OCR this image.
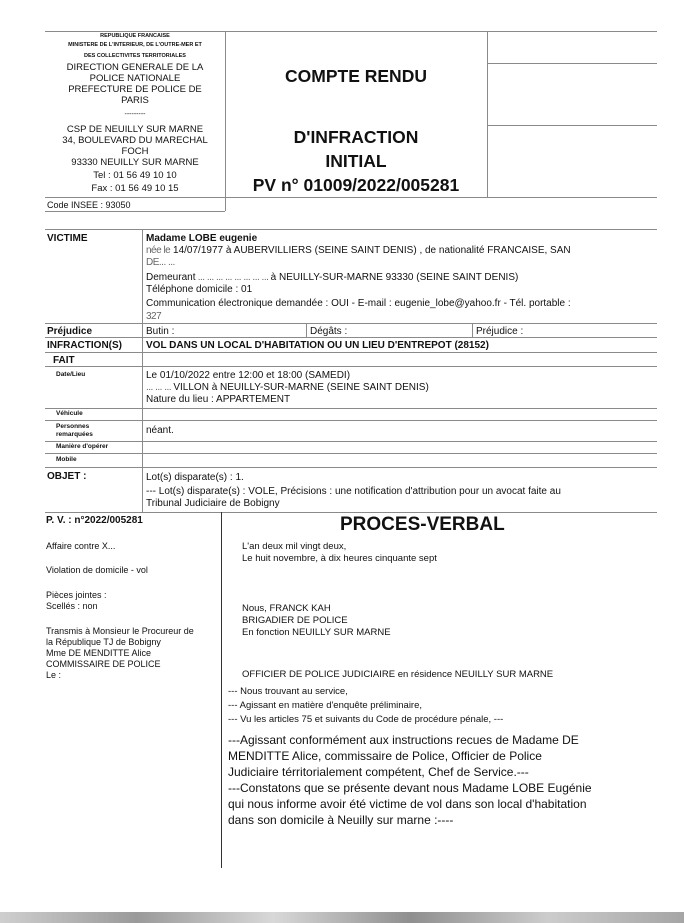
REPUBLIQUE FRANCAISE
MINISTERE DE L'INTERIEUR, DE L'OUTRE-MER ET
DES COLLECTIVITES TERRITORIALES
DIRECTION GENERALE DE LA
POLICE NATIONALE
PREFECTURE DE POLICE DE
PARIS
---------
CSP DE NEUILLY SUR MARNE
34, BOULEVARD DU MARECHAL
FOCH
93330 NEUILLY SUR MARNE
Tel : 01 56 49 10 10
Fax : 01 56 49 10 15
Code INSEE : 93050
COMPTE RENDU
D'INFRACTION
INITIAL
PV n° 01009/2022/005281
VICTIME	Madame LOBE eugenie
née le 14/07/1977 à AUBERVILLIERS (SEINE SAINT DENIS) , de nationalité FRANCAISE, SAN
DE... ...
Demeurant ... ... ... ... ... ... ... ... à NEUILLY-SUR-MARNE 93330 (SEINE SAINT DENIS)
Téléphone domicile : 01
Communication électronique demandée : OUI - E-mail : eugenie_lobe@yahoo.fr - Tél. portable :
327
Préjudice	Butin :	Dégâts :	Préjudice :
INFRACTION(S) VOL DANS UN LOCAL D'HABITATION OU UN LIEU D'ENTREPOT (28152)
FAIT
Date/Lieu	Le 01/10/2022 entre 12:00 et 18:00 (SAMEDI)
... ... ... VILLON à NEUILLY-SUR-MARNE (SEINE SAINT DENIS)
Nature du lieu : APPARTEMENT
Véhicule
Personnes
remarquées	néant.
Manière d'opérer
Mobile
OBJET :	Lot(s) disparate(s) : 1.
--- Lot(s) disparate(s) : VOLE, Précisions : une notification d'attribution pour un avocat faite au
Tribunal Judiciaire de Bobigny
P. V. : n°2022/005281	PROCES-VERBAL
Affaire contre X...
Violation de domicile - vol
Pièces jointes :
Scellés : non
Transmis à Monsieur le Procureur de
la République TJ de Bobigny
Mme DE MENDITTE Alice
COMMISSAIRE DE POLICE
Le :
L'an deux mil vingt deux,
Le huit novembre, à dix heures cinquante sept
Nous, FRANCK KAH
BRIGADIER DE POLICE
En fonction NEUILLY SUR MARNE
OFFICIER DE POLICE JUDICIAIRE en résidence NEUILLY SUR MARNE
--- Nous trouvant au service,
--- Agissant en matière d'enquête préliminaire,
--- Vu les articles 75 et suivants du Code de procédure pénale, ---
---Agissant conformément aux instructions recues de Madame DE
MENDITTE Alice, commissaire de Police, Officier de Police
Judiciaire térritorialement compétent, Chef de Service.---
---Constatons que se présente devant nous Madame LOBE Eugénie
qui nous informe avoir été victime de vol dans son local d'habitation
dans son domicile à Neuilly sur marne :----
